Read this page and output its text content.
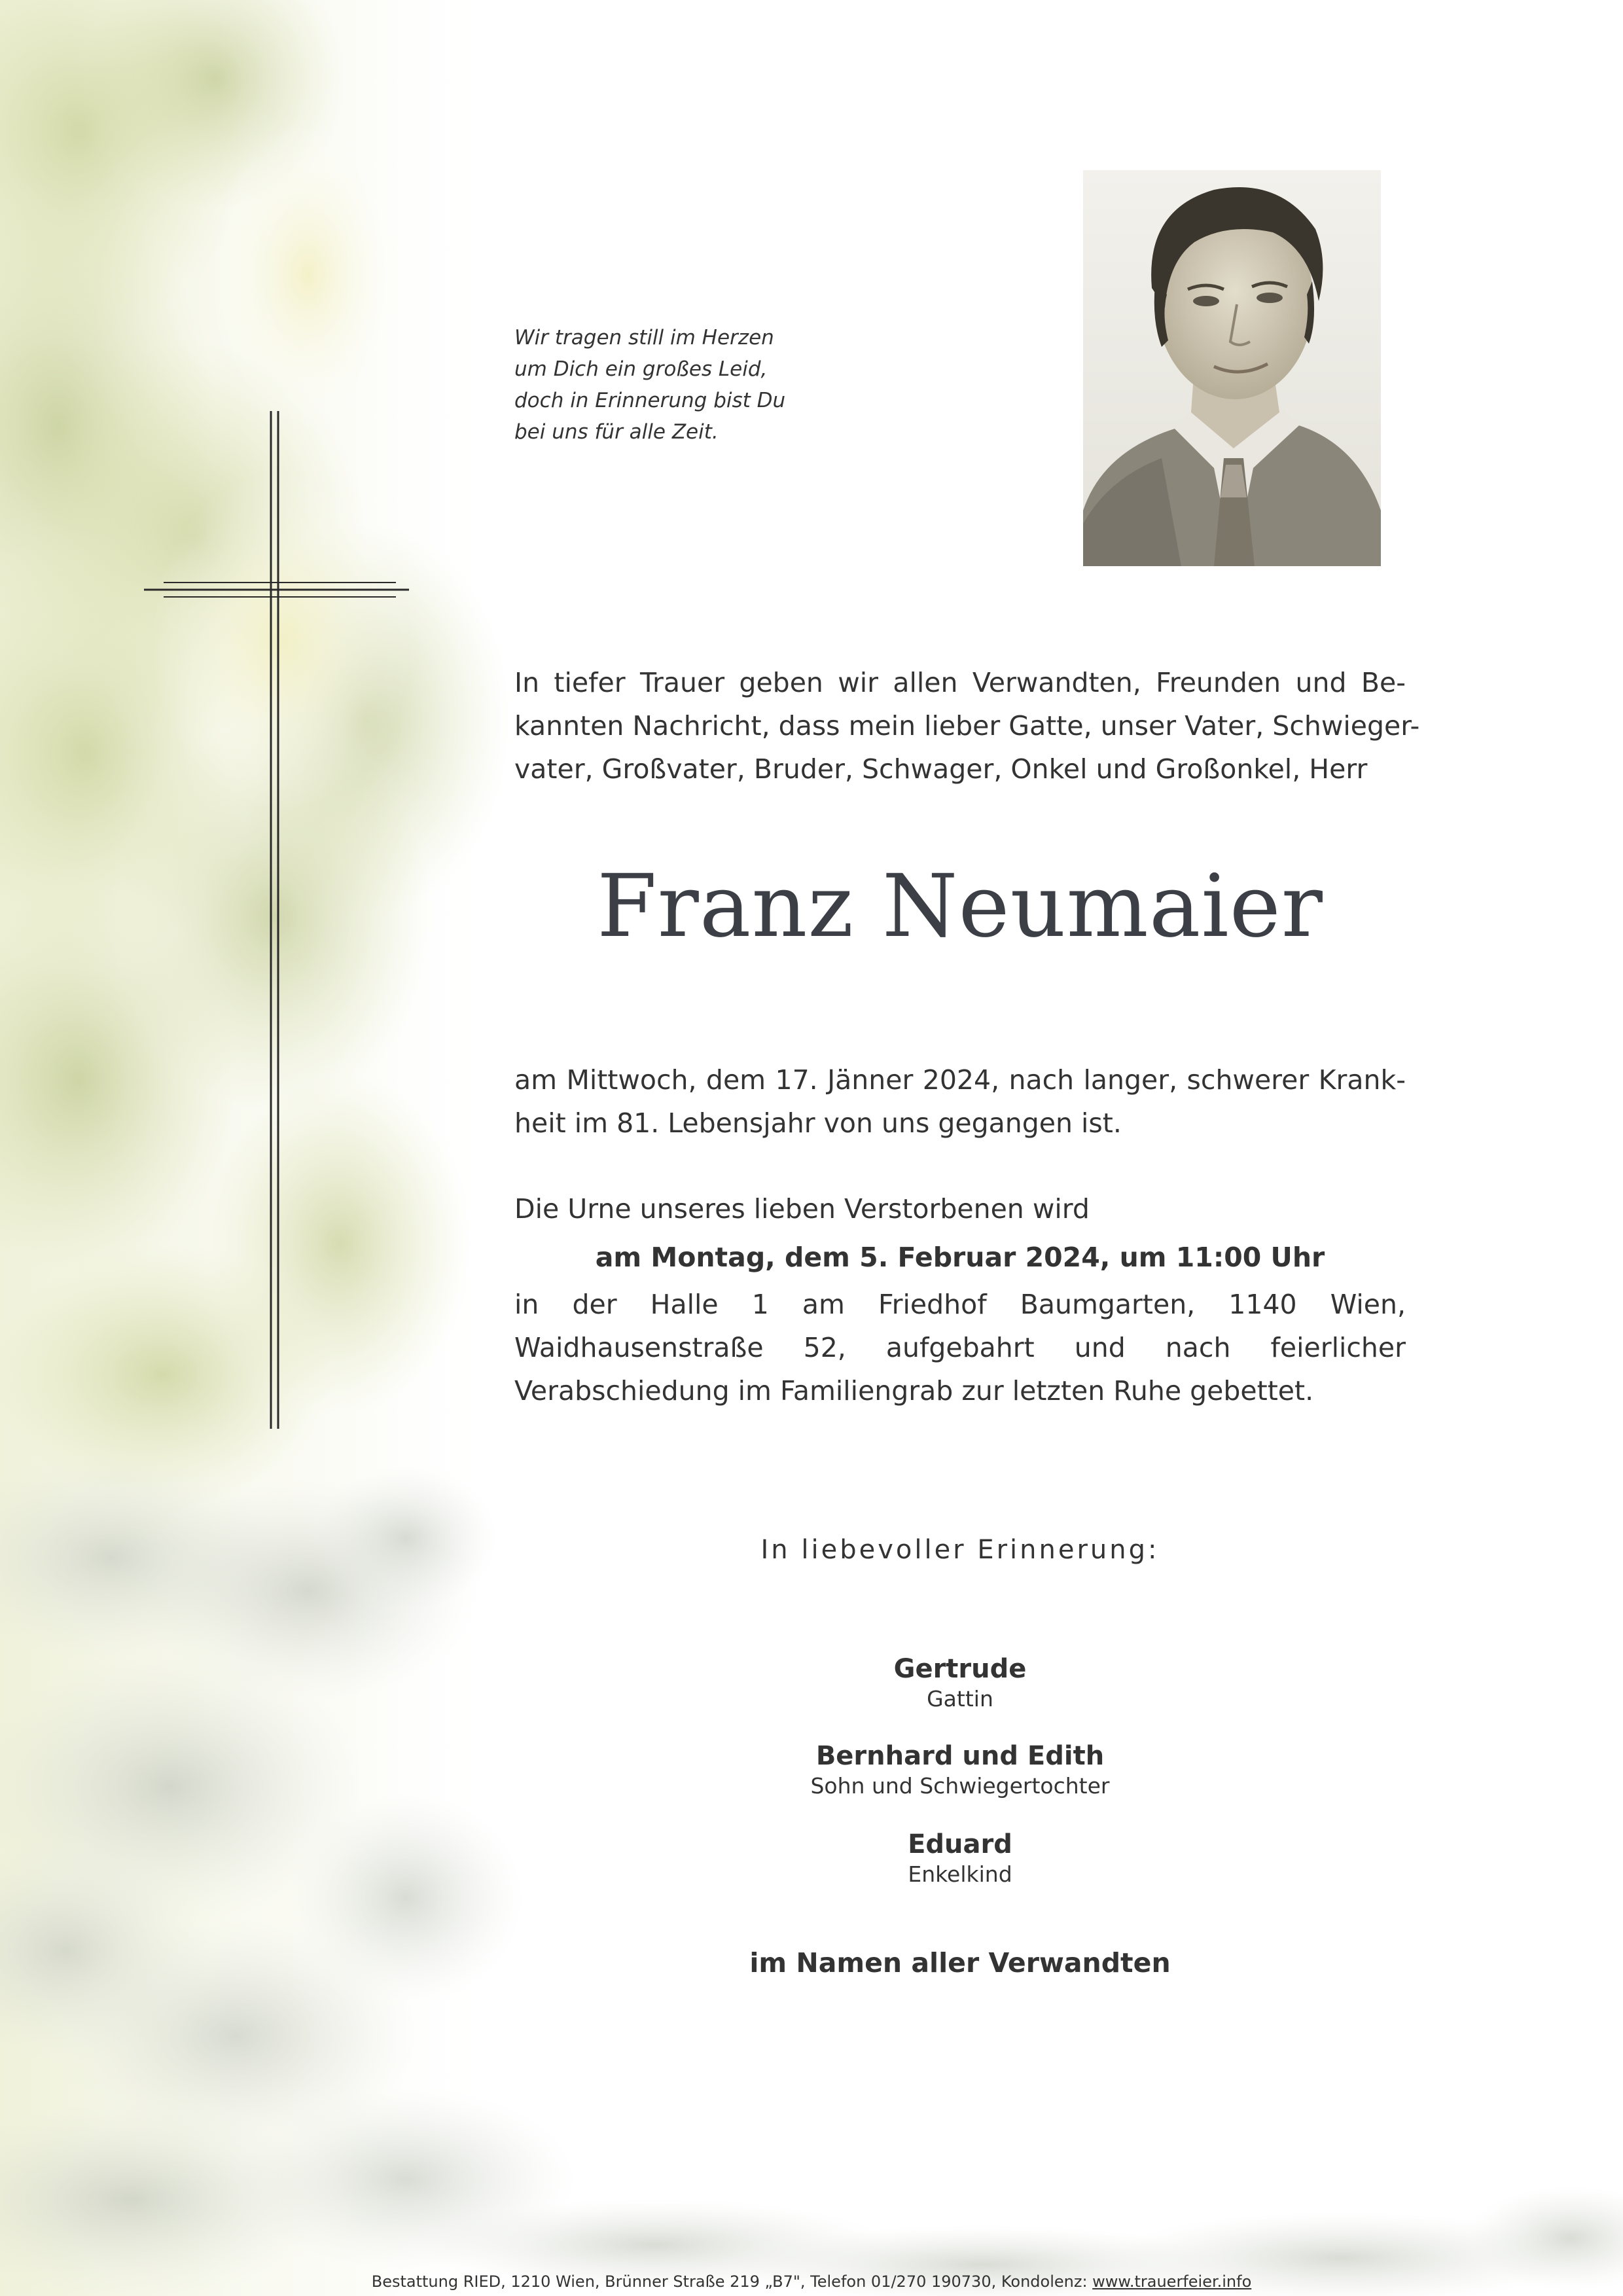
Wir tragen still im Herzen
um Dich ein großes Leid,
doch in Erinnerung bist Du
bei uns für alle Zeit.
In tiefer Trauer geben wir allen Verwandten, Freunden und Be-
kannten Nachricht, dass mein lieber Gatte, unser Vater, Schwieger-
vater, Großvater, Bruder, Schwager, Onkel und Großonkel, Herr
Franz Neumaier
am Mittwoch, dem 17. Jänner 2024, nach langer, schwerer Krank-
heit im 81. Lebensjahr von uns gegangen ist.
Die Urne unseres lieben Verstorbenen wird
am Montag, dem 5. Februar 2024, um 11:00 Uhr
in der Halle 1 am Friedhof Baumgarten, 1140 Wien,
Waidhausenstraße 52, aufgebahrt und nach feierlicher
Verabschiedung im Familiengrab zur letzten Ruhe gebettet.
In liebevoller Erinnerung:
Gertrude
Gattin
Bernhard und Edith
Sohn und Schwiegertochter
Eduard
Enkelkind
im Namen aller Verwandten
Bestattung RIED, 1210 Wien, Brünner Straße 219 „B7", Telefon 01/270 190730, Kondolenz: www.trauerfeier.info
